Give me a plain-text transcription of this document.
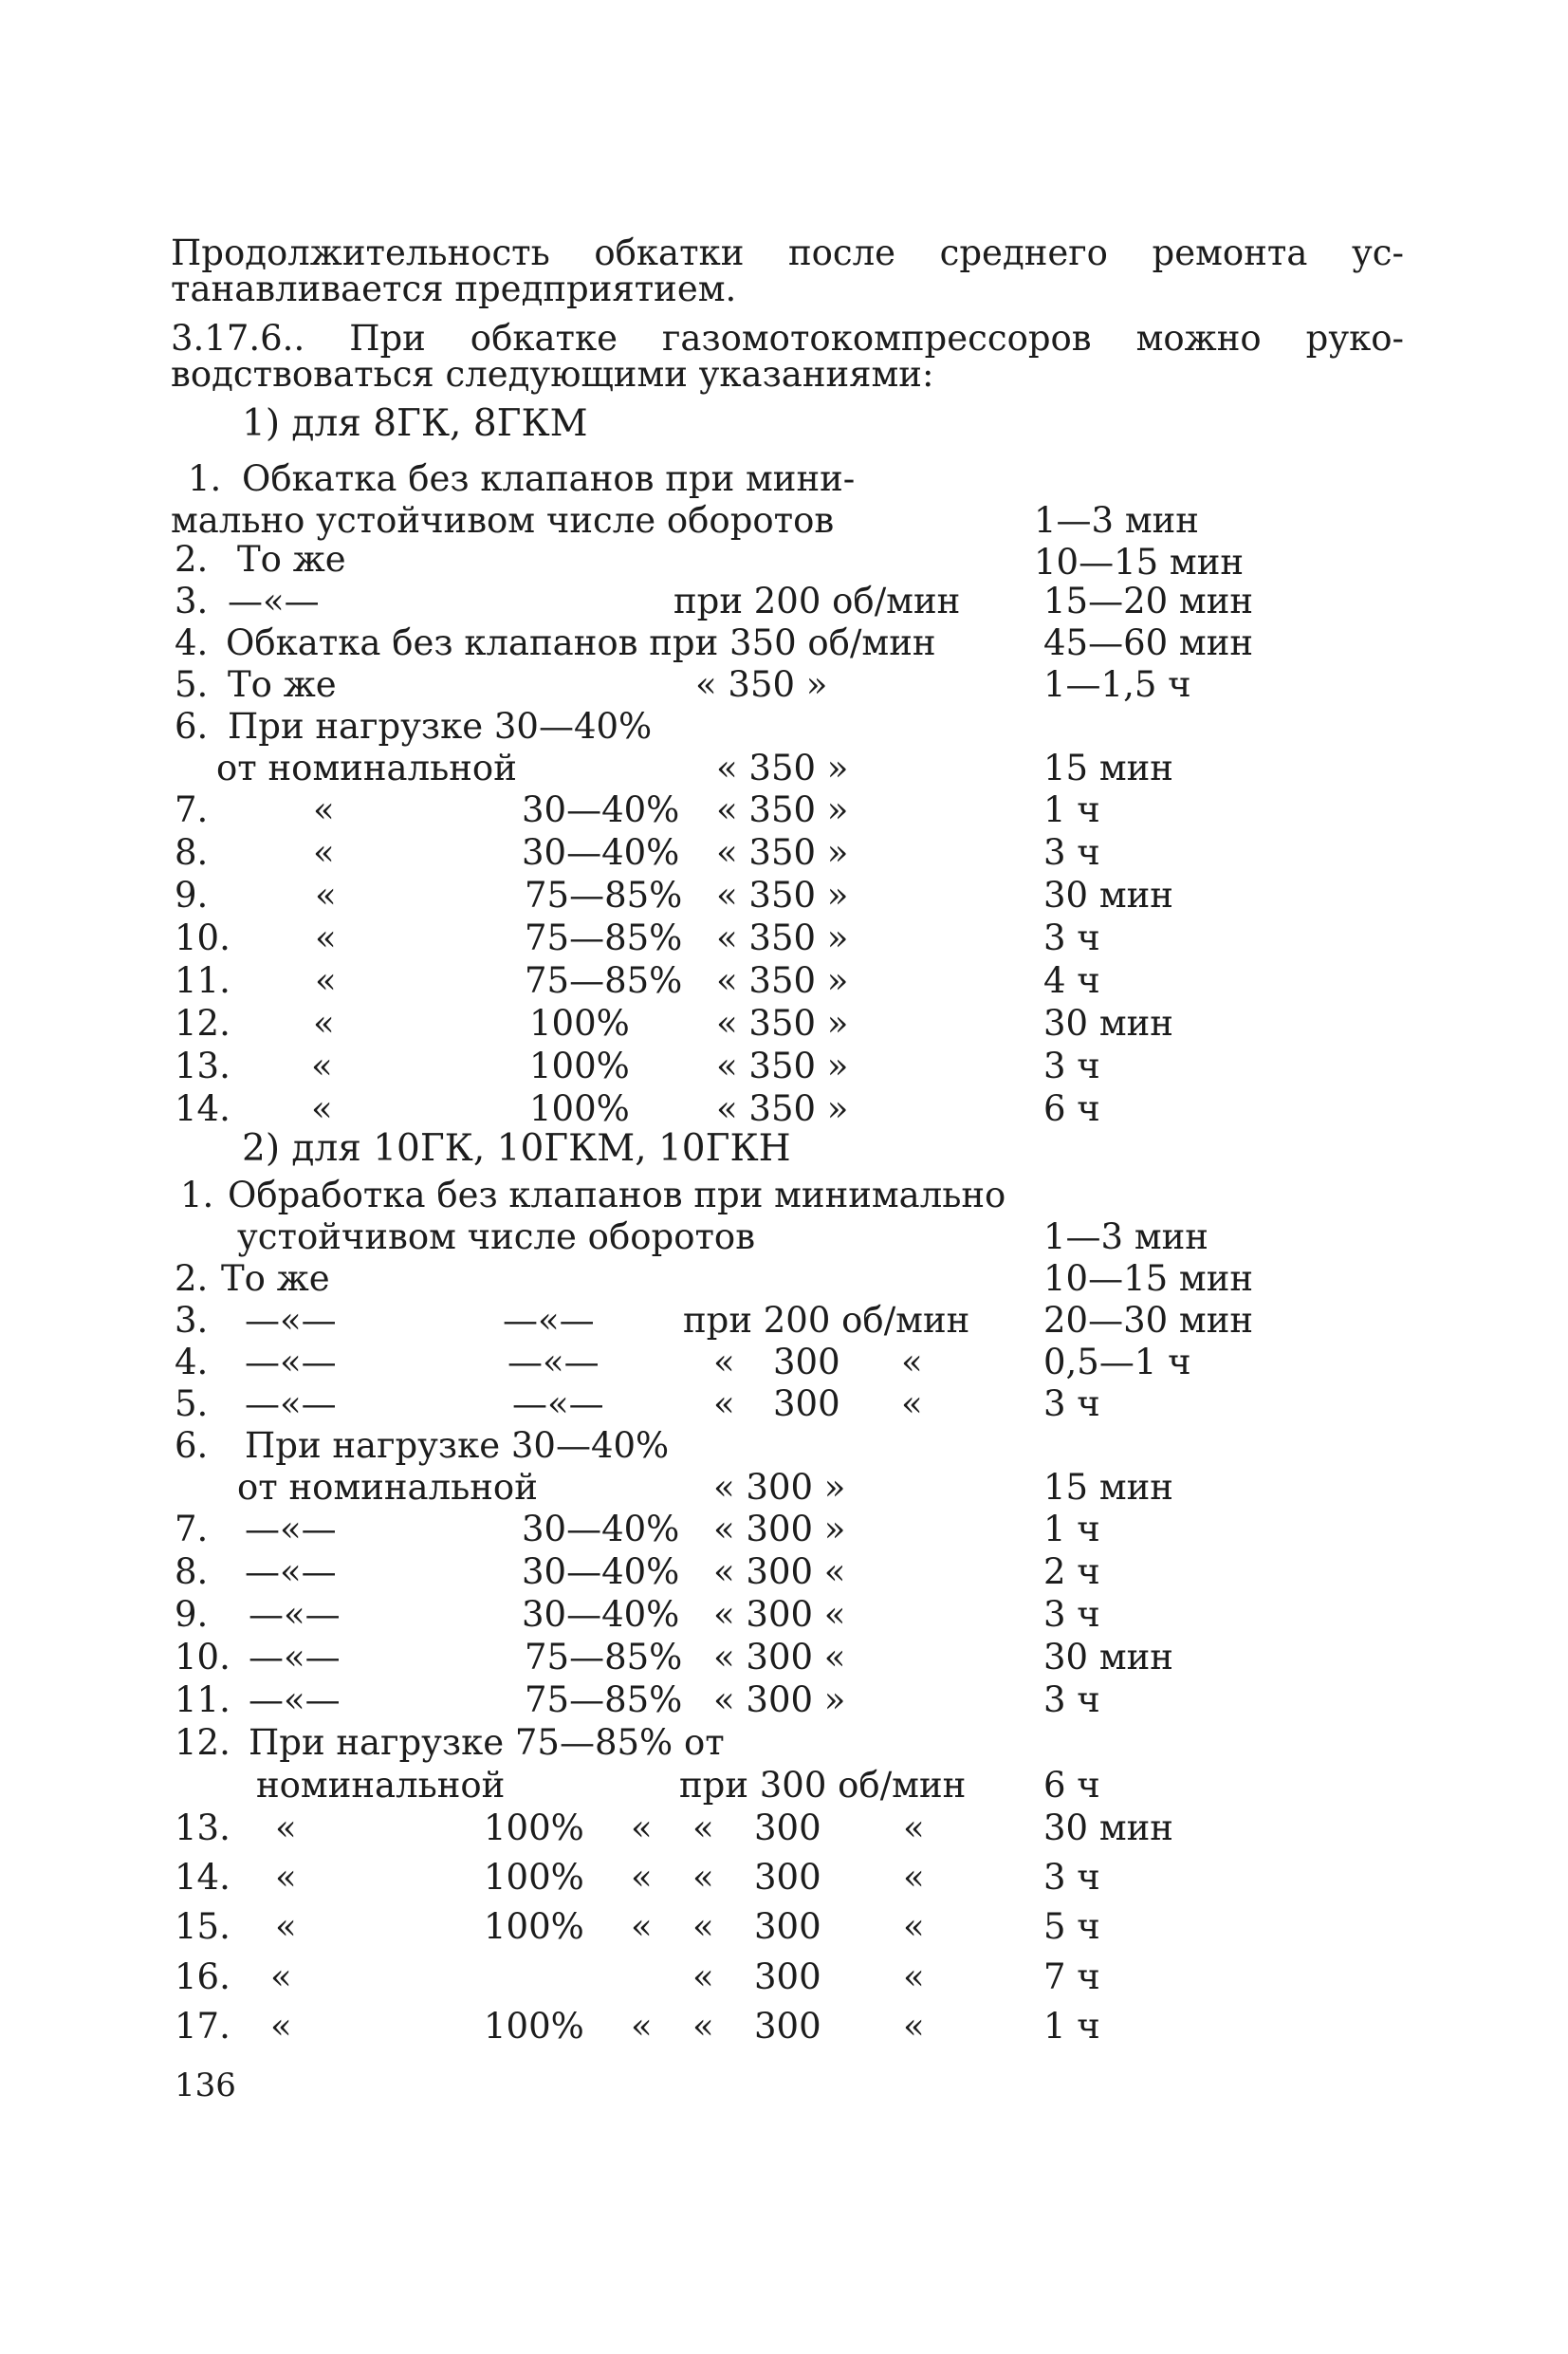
Продолжительность обкатки после среднего ремонта ус-

танавливается предприятием.
3.17.6.. При обкатке газомотокомпрессоров можно руко-

водствоваться следующими указаниями:
1) для 8ГК, 8ГКМ
1. Обкатка без клапанов при мини-
мально устойчивом числе оборотов	1—3 мин
2. То же	10—15 мин
3. —«—	при 200 об/мин 15—20 мин
4. Обкатка без клапанов при 350 об/мин	45—60 мин
5. То же	« 350 »	1—1,5 ч
6. При нагрузке 30—40%
от номинальной	« 350 »	15 мин
7.	«	30—40% « 350 »	1 ч
8.	«	30—40% « 350 »	3 ч
9.	«	75—85% « 350 »	30 мин
10. «	75—85% « 350 »	3 ч
11. «	75—85% « 350 »	4 ч
12. «	100% « 350 »	30 мин
13. «	100% « 350 »	3 ч
14. «	100% « 350 »	6 ч
2) для 10ГК, 10ГКМ, 10ГКН
1. Обработка без клапанов при минимально
устойчивом числе оборотов	1—3 мин
2. То же	10—15 мин
3. —«—	—«—	при 200 об/мин 20—30 мин
4. —«—	—«—	« 300 «	0,5—1 ч
5. —«—	—«—	« 300 «	3 ч
6. При нагрузке 30—40%
от номинальной	« 300 »	15 мин
7. —«—	30—40% « 300 »	1 ч
8. —«—	30—40% « 300 «	2 ч
9. —«—	30—40% « 300 «	3 ч
10. —«—	75—85% « 300 «	30 мин
11. —«—	75—85% « 300 »	3 ч
12. При нагрузке 75—85% от
номинальной	при 300 об/мин 6 ч
13. «	100% « « 300 «	30 мин
14. «	100% « « 300 «	3 ч
15. «	100% « « 300 «	5 ч
16. «	« 300 «	7 ч
17. «	100% « « 300 «	1 ч
136
